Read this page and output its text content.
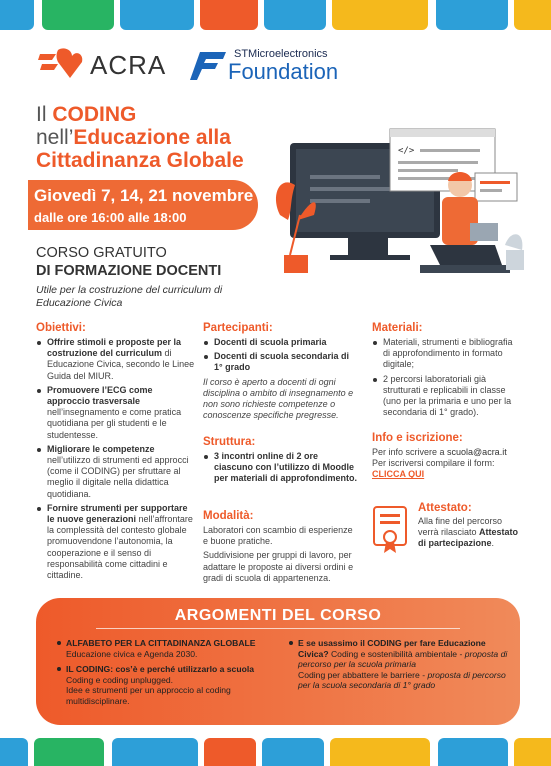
ACRA	STMicroelectronics
Foundation
Il CODING
nell’Educazione alla
Cittadinanza Globale
Giovedì 7, 14, 21 novembre
dalle ore 16:00 alle 18:00
</>
CORSO GRATUITO
DI FORMAZIONE DOCENTI
Utile per la costruzione del curriculum di Educazione Civica
Obiettivi:
Offrire stimoli e proposte per la costruzione del curriculum di Educazione Civica, secondo le Linee Guida del MIUR.
Promuovere l’ECG come approccio trasversale nell’insegnamento e come pratica quotidiana per gli studenti e le studentesse.
Migliorare le competenze nell’utilizzo di strumenti ed approcci (come il CODING) per sfruttare al meglio il digitale nella didattica quotidiana.
Fornire strumenti per supportare le nuove generazioni nell’affrontare la complessità del contesto globale promuovendone l’autonomia, la cooperazione e il senso di responsabilità come cittadini e cittadine.
Partecipanti:
Docenti di scuola primaria
Docenti di scuola secondaria di 1° grado

Il corso è aperto a docenti di ogni disciplina o ambito di insegnamento e non sono richieste competenze o conoscenze specifiche pregresse.

Struttura:
3 incontri online di 2 ore ciascuno con l’utilizzo di Moodle per materiali di approfondimento.
Modalità:

Laboratori con scambio di esperienze e buone pratiche.

Suddivisione per gruppi di lavoro, per adattare le proposte ai diversi ordini e gradi di scuola di appartenenza.

Materiali:
Materiali, strumenti e bibliografia di approfondimento in formato digitale;
2 percorsi laboratoriali già strutturati e replicabili in classe (uno per la primaria e uno per la secondaria di 1° grado).
Info e iscrizione:
Per info scrivere a scuola@acra.it
Per iscriversi compilare il form:
CLICCA QUI
Attestato:
Alla fine del percorso verrà rilasciato Attestato di partecipazione.
ARGOMENTI DEL CORSO
ALFABETO PER LA CITTADINANZA GLOBALE
Educazione civica e Agenda 2030.
IL CODING: cos’è e perché utilizzarlo a scuola
Coding e coding unplugged.
Idee e strumenti per un approccio al coding multidisciplinare.
E se usassimo il CODING per fare Educazione Civica? Coding e sostenibilità ambientale - proposta di percorso per la scuola primaria
Coding per abbattere le barriere - proposta di percorso per la scuola secondaria di 1° grado
